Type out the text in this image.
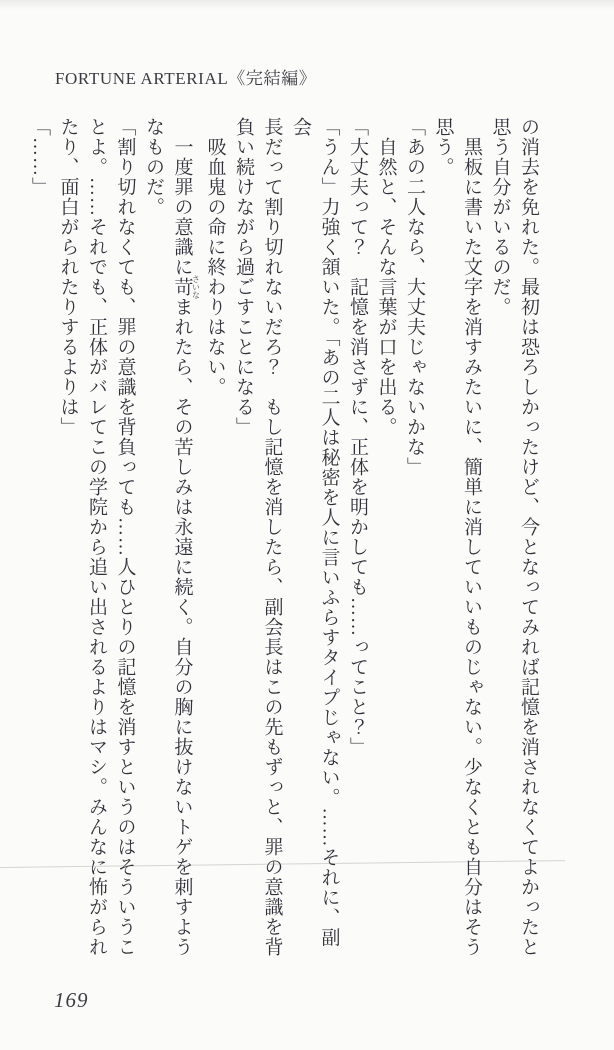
FORTUNE ARTERIAL《完結編》
の消去を免れた。最初は恐ろしかったけど、今となってみれば記憶を消されなくてよかったと
思う自分がいるのだ。
黒板に書いた文字を消すみたいに、簡単に消していいものじゃない。少なくとも自分はそう
思う。
「あの二人なら、大丈夫じゃないかな」
自然と、そんな言葉が口を出る。
「大丈夫って？　記憶を消さずに、正体を明かしても……ってこと？」
「うん」力強く頷いた。「あの二人は秘密を人に言いふらすタイプじゃない。……それに、副会
長だって割り切れないだろ？　もし記憶を消したら、副会長はこの先もずっと、罪の意識を背
負い続けながら過ごすことになる」
吸血鬼の命に終わりはない。
一度罪の意識に苛 さいなまれたら、その苦しみは永遠に続く。自分の胸に抜けないトゲを刺すよう
なものだ。
「割り切れなくても、罪の意識を背負っても……人ひとりの記憶を消すというのはそういうこ
とよ。……それでも、正体がバレてこの学院から追い出されるよりはマシ。みんなに怖がられ
たり、面白がられたりするよりは」
「……」
169
